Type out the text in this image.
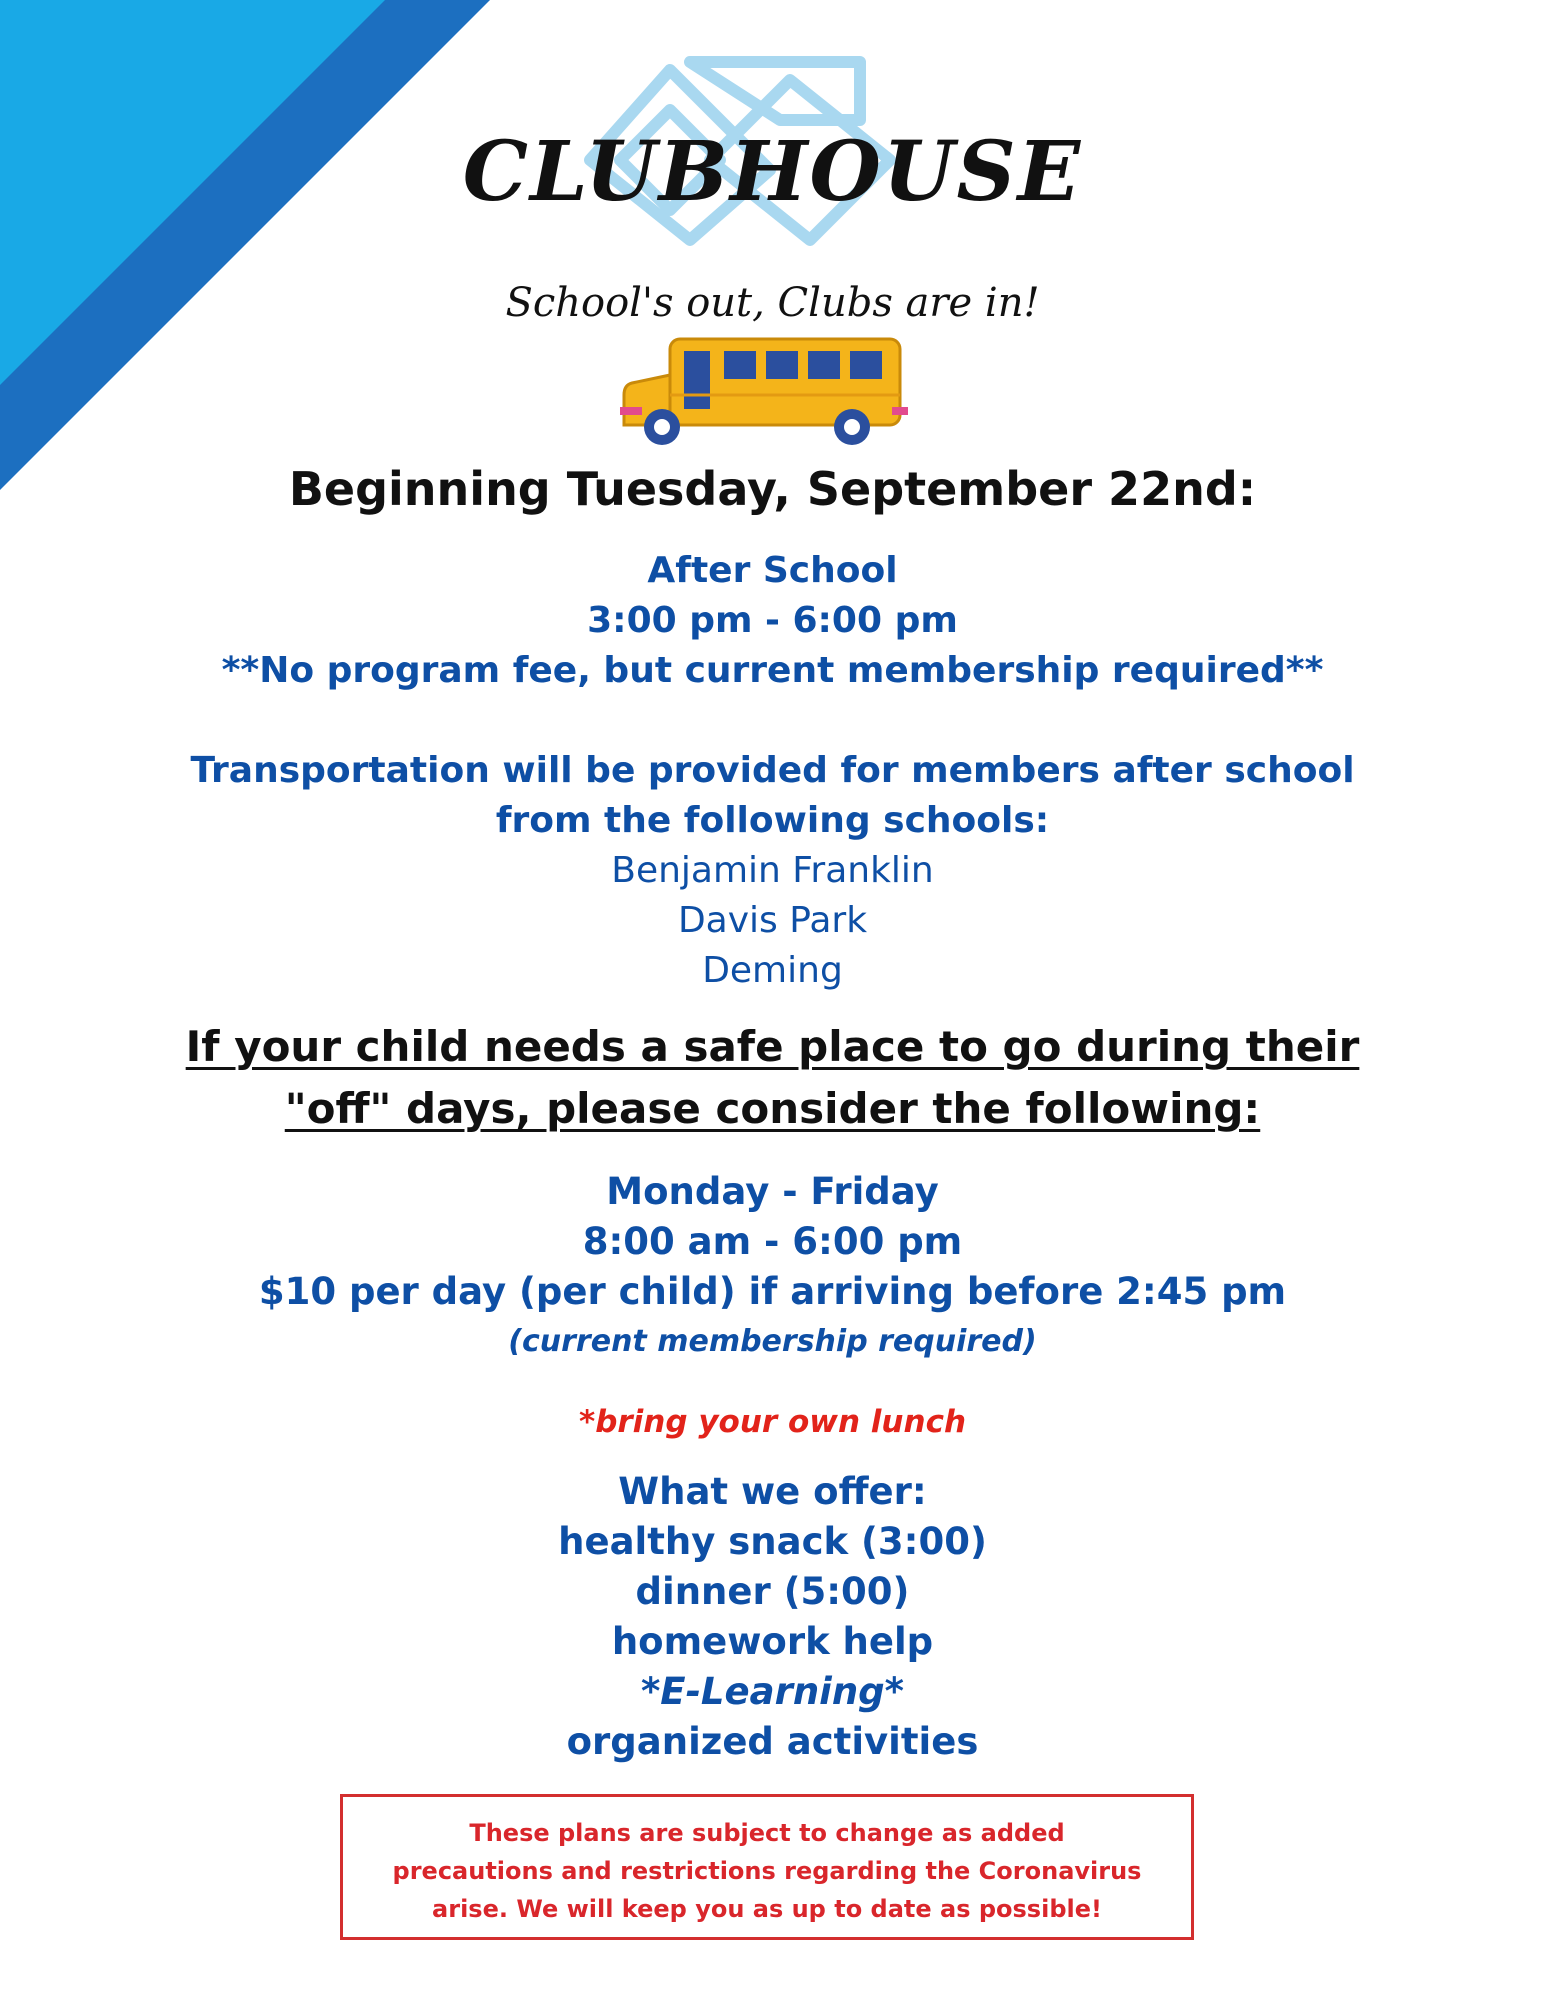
CLUBHOUSE
School's out, Clubs are in!
Beginning Tuesday, September 22nd:
After School
3:00 pm - 6:00 pm
**No program fee, but current membership required**
Transportation will be provided for members after school
from the following schools:
Benjamin Franklin
Davis Park
Deming
If your child needs a safe place to go during their
"off" days, please consider the following:
Monday - Friday
8:00 am - 6:00 pm
$10 per day (per child) if arriving before 2:45 pm
(current membership required)
*bring your own lunch
What we offer:
healthy snack (3:00)
dinner (5:00)
homework help
*E-Learning*
organized activities
These plans are subject to change as added
precautions and restrictions regarding the Coronavirus
arise. We will keep you as up to date as possible!
